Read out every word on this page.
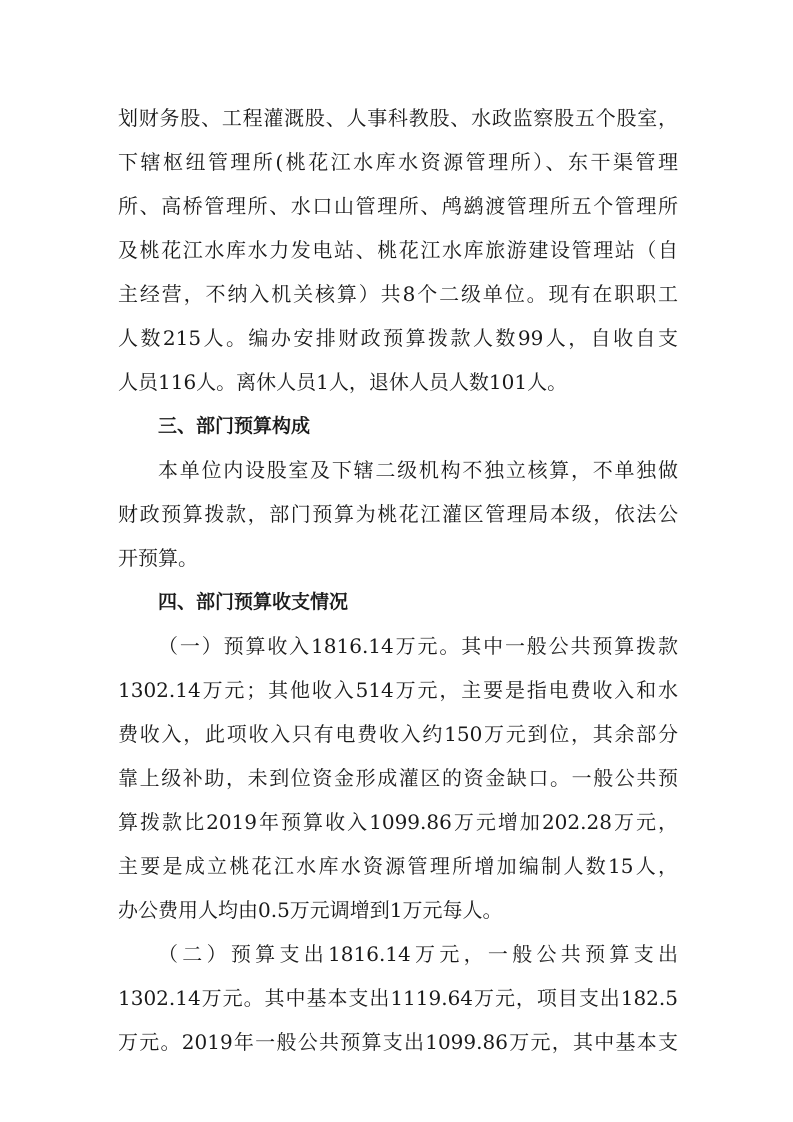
划财务股、工程灌溉股、人事科教股、水政监察股五个股室，
下辖枢纽管理所(桃花江水库水资源管理所）、东干渠管理
所、高桥管理所、水口山管理所、鸬鹚渡管理所五个管理所
及桃花江水库水力发电站、桃花江水库旅游建设管理站（自
主经营，不纳入机关核算）共8个二级单位。现有在职职工
人数215人。编办安排财政预算拨款人数99人，自收自支
人员116人。离休人员1人，退休人员人数101人。
三、部门预算构成
本单位内设股室及下辖二级机构不独立核算，不单独做
财政预算拨款，部门预算为桃花江灌区管理局本级，依法公
开预算。
四、部门预算收支情况
（一）预算收入1816.14万元。其中一般公共预算拨款
1302.14万元；其他收入514万元，主要是指电费收入和水
费收入，此项收入只有电费收入约150万元到位，其余部分
靠上级补助，未到位资金形成灌区的资金缺口。一般公共预
算拨款比2019年预算收入1099.86万元增加202.28万元，
主要是成立桃花江水库水资源管理所增加编制人数15人，
办公费用人均由0.5万元调增到1万元每人。
（二）预算支出1816.14万元，一般公共预算支出
1302.14万元。其中基本支出1119.64万元，项目支出182.5
万元。2019年一般公共预算支出1099.86万元，其中基本支
